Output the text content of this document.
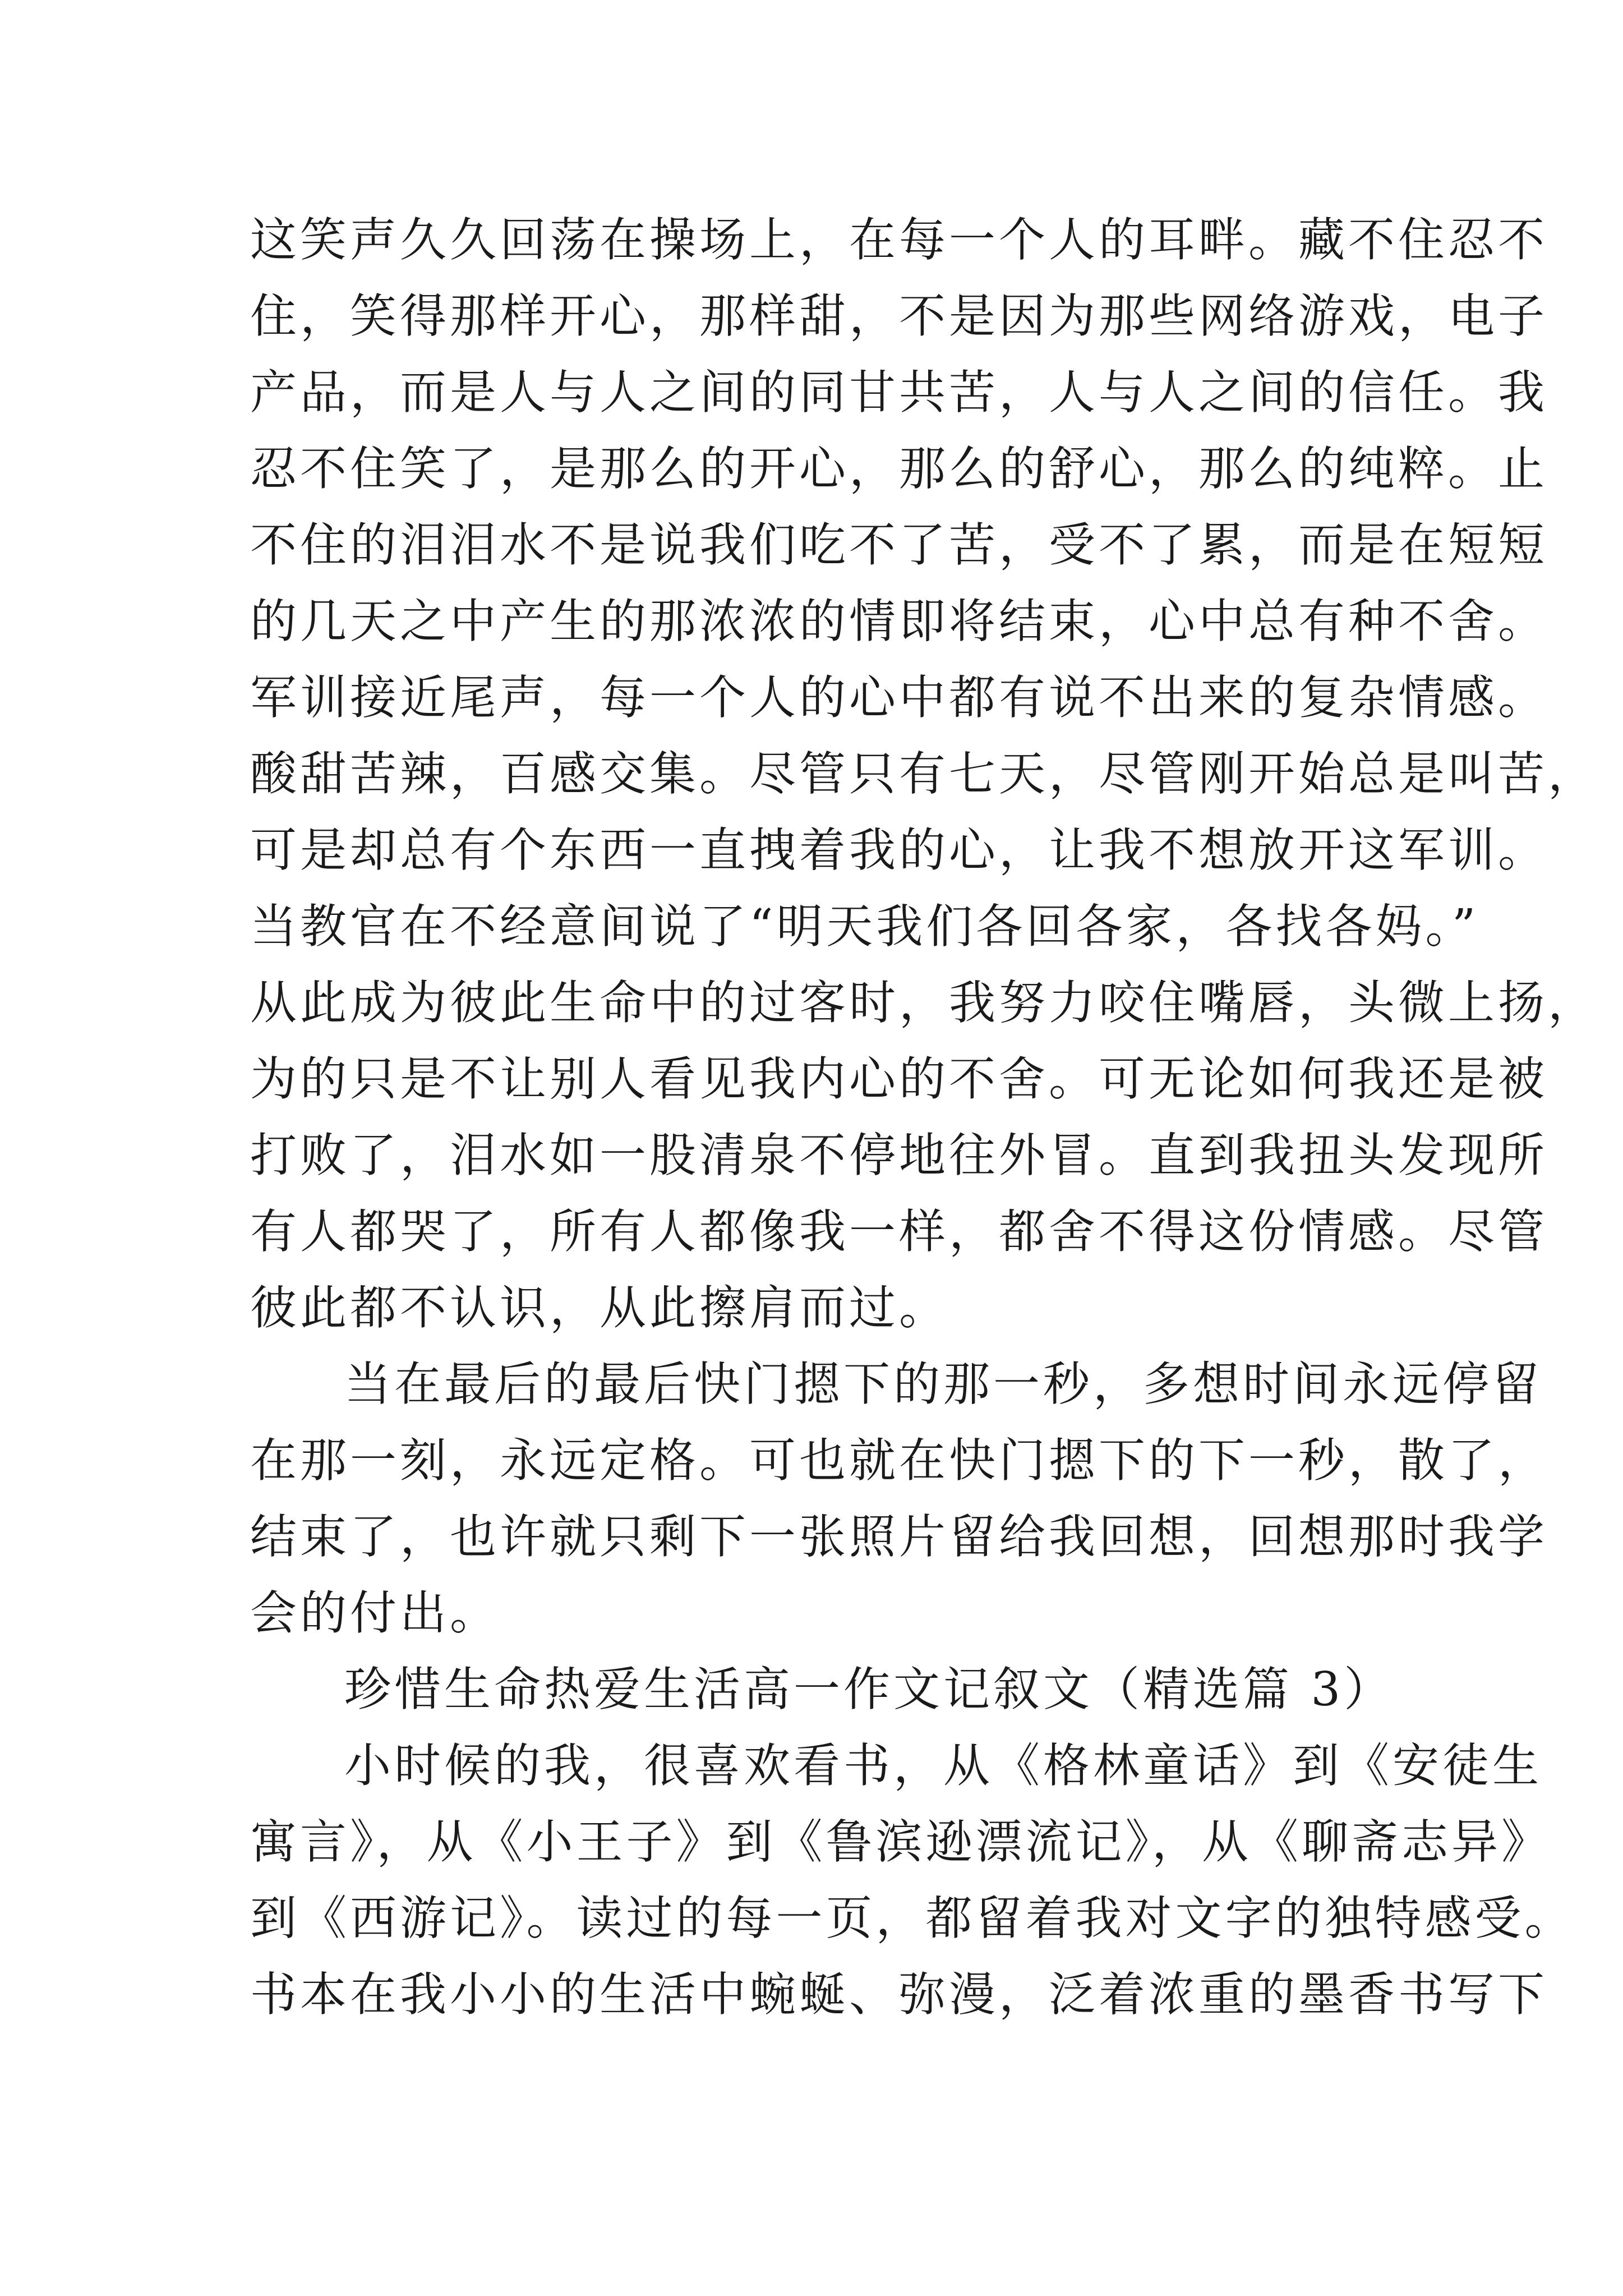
这笑声久久回荡在操场上，在每一个人的耳畔。藏不住忍不
住，笑得那样开心，那样甜，不是因为那些网络游戏，电子
产品，而是人与人之间的同甘共苦，人与人之间的信任。我
忍不住笑了，是那么的开心，那么的舒心，那么的纯粹。止
不住的泪泪水不是说我们吃不了苦，受不了累，而是在短短
的几天之中产生的那浓浓的情即将结束，心中总有种不舍。
军训接近尾声，每一个人的心中都有说不出来的复杂情感。
酸甜苦辣，百感交集。尽管只有七天，尽管刚开始总是叫苦，
可是却总有个东西一直拽着我的心，让我不想放开这军训。
当教官在不经意间说了“明天我们各回各家，各找各妈。”
从此成为彼此生命中的过客时，我努力咬住嘴唇，头微上扬，
为的只是不让别人看见我内心的不舍。可无论如何我还是被
打败了，泪水如一股清泉不停地往外冒。直到我扭头发现所
有人都哭了，所有人都像我一样，都舍不得这份情感。尽管
彼此都不认识，从此擦肩而过。
当在最后的最后快门摁下的那一秒，多想时间永远停留
在那一刻，永远定格。可也就在快门摁下的下一秒，散了，
结束了，也许就只剩下一张照片留给我回想，回想那时我学
会的付出。
珍惜生命热爱生活高一作文记叙文（精选篇 3）
小时候的我，很喜欢看书，从《格林童话》到《安徒生
寓言》，从《小王子》到《鲁滨逊漂流记》，从《聊斋志异》
到《西游记》。读过的每一页，都留着我对文字的独特感受。
书本在我小小的生活中蜿蜒、弥漫，泛着浓重的墨香书写下
